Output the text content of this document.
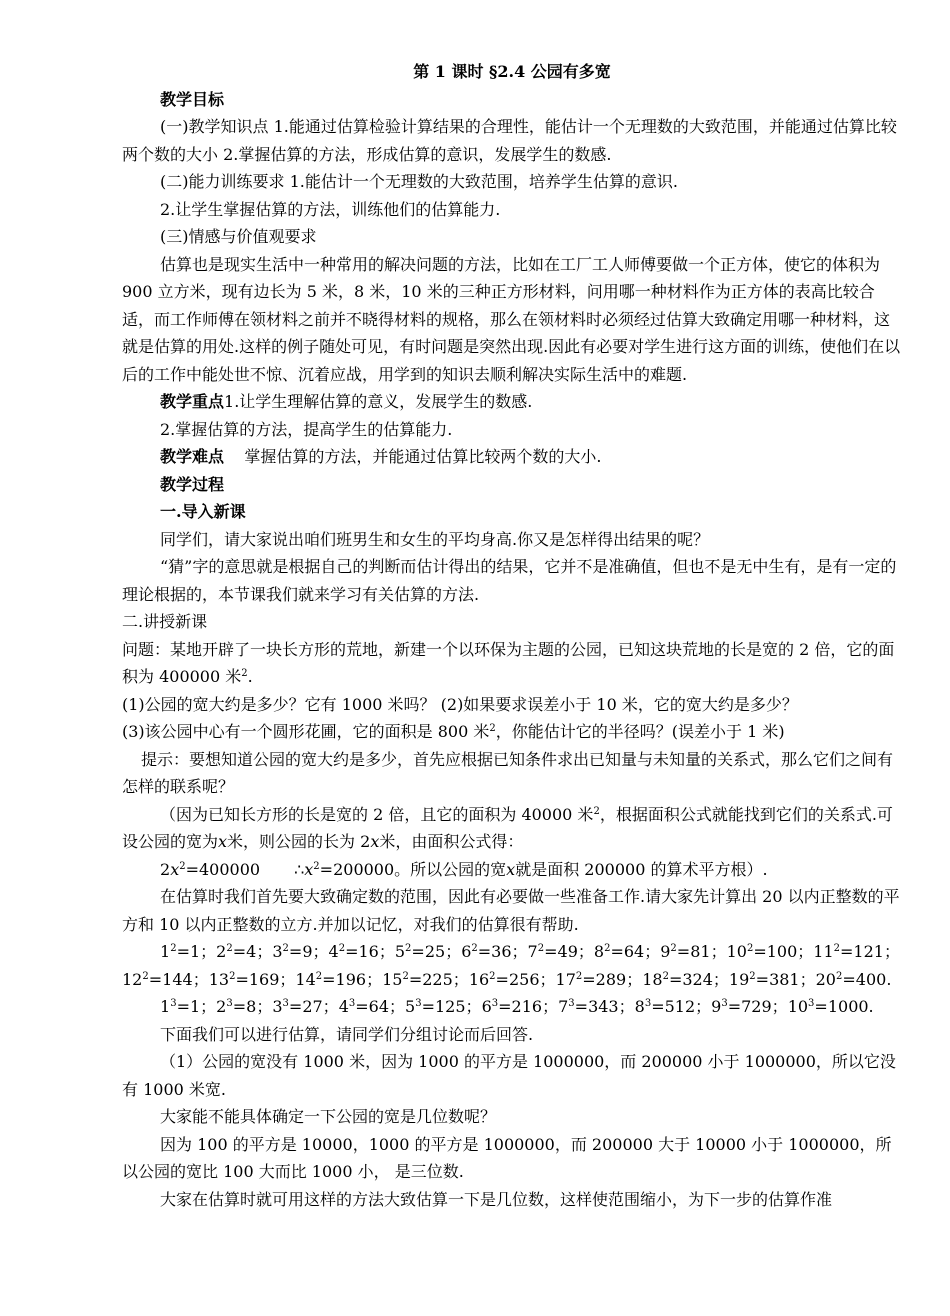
第 1 课时 §2.4 公园有多宽

教学目标

(一)教学知识点 1.能通过估算检验计算结果的合理性，能估计一个无理数的大致范围，并能通过估算比较两个数的大小 2.掌握估算的方法，形成估算的意识，发展学生的数感.

(二)能力训练要求 1.能估计一个无理数的大致范围，培养学生估算的意识.

2.让学生掌握估算的方法，训练他们的估算能力.

(三)情感与价值观要求

估算也是现实生活中一种常用的解决问题的方法，比如在工厂工人师傅要做一个正方体，使它的体积为 900 立方米，现有边长为 5 米，8 米，10 米的三种正方形材料，问用哪一种材料作为正方体的表高比较合适，而工作师傅在领材料之前并不晓得材料的规格，那么在领材料时必须经过估算大致确定用哪一种材料，这就是估算的用处.这样的例子随处可见，有时问题是突然出现.因此有必要对学生进行这方面的训练，使他们在以后的工作中能处世不惊、沉着应战，用学到的知识去顺利解决实际生活中的难题.

教学重点1.让学生理解估算的意义，发展学生的数感.

2.掌握估算的方法，提高学生的估算能力.

教学难点 掌握估算的方法，并能通过估算比较两个数的大小.

教学过程

一.导入新课

同学们，请大家说出咱们班男生和女生的平均身高.你又是怎样得出结果的呢？

“猜”字的意思就是根据自己的判断而估计得出的结果，它并不是准确值，但也不是无中生有，是有一定的理论根据的，本节课我们就来学习有关估算的方法.

二.讲授新课

问题：某地开辟了一块长方形的荒地，新建一个以环保为主题的公园，已知这块荒地的长是宽的 2 倍，它的面积为 400000 米$^2$.

(1)公园的宽大约是多少？它有 1000 米吗？ (2)如果要求误差小于 10 米，它的宽大约是多少？

(3)该公园中心有一个圆形花圃，它的面积是 800 米$^2$，你能估计它的半径吗？(误差小于 1 米)

提示：要想知道公园的宽大约是多少，首先应根据已知条件求出已知量与未知量的关系式，那么它们之间有怎样的联系呢？

（因为已知长方形的长是宽的 2 倍，且它的面积为 40000 米$^2$，根据面积公式就能找到它们的关系式.可设公园的宽为x米，则公园的长为 2x米，由面积公式得：

$2x^2=400000$ $\therefore x^2=200000$。所以公园的宽x就是面积 200000 的算术平方根）.

在估算时我们首先要大致确定数的范围，因此有必要做一些准备工作.请大家先计算出 20 以内正整数的平方和 10 以内正整数的立方.并加以记忆，对我们的估算很有帮助.

$1^2=1$；$2^2=4$；$3^2=9$；$4^2=16$；$5^2=25$；$6^2=36$；$7^2=49$；$8^2=64$；$9^2=81$；$10^2=100$；$11^2=121$；$12^2=144$；$13^2=169$；$14^2=196$；$15^2=225$；$16^2=256$；$17^2=289$；$18^2=324$；$19^2=381$；$20^2=400$.

$1^3=1$；$2^3=8$；$3^3=27$；$4^3=64$；$5^3=125$；$6^3=216$；$7^3=343$；$8^3=512$；$9^3=729$；$10^3=1000$.

下面我们可以进行估算，请同学们分组讨论而后回答.

（1）公园的宽没有 1000 米，因为 1000 的平方是 1000000，而 200000 小于 1000000，所以它没有 1000 米宽.

大家能不能具体确定一下公园的宽是几位数呢？

因为 100 的平方是 10000，1000 的平方是 1000000，而 200000 大于 10000 小于 1000000，所以公园的宽比 100 大而比 1000 小， 是三位数.

大家在估算时就可用这样的方法大致估算一下是几位数，这样使范围缩小，为下一步的估算作准
